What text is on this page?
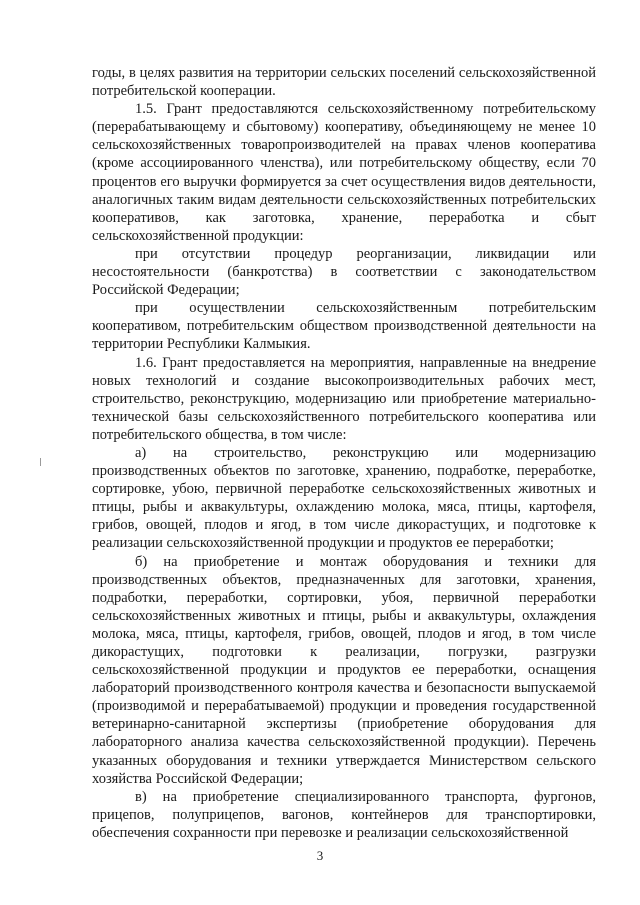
годы, в целях развития на территории сельских поселений сельскохозяйственной потребительской кооперации.

1.5. Грант предоставляются сельскохозяйственному потребительскому (перерабатывающему и сбытовому) кооперативу, объединяющему не менее 10 сельскохозяйственных товаропроизводителей на правах членов кооператива (кроме ассоциированного членства), или потребительскому обществу, если 70 процентов его выручки формируется за счет осуществления видов деятельности, аналогичных таким видам деятельности сельскохозяйственных потребительских кооперативов, как заготовка, хранение, переработка и сбыт сельскохозяйственной продукции:

при отсутствии процедур реорганизации, ликвидации или несостоятельности (банкротства) в соответствии с законодательством Российской Федерации;

при осуществлении сельскохозяйственным потребительским кооперативом, потребительским обществом производственной деятельности на территории Республики Калмыкия.

1.6. Грант предоставляется на мероприятия, направленные на внедрение новых технологий и создание высокопроизводительных рабочих мест, строительство, реконструкцию, модернизацию или приобретение материально-технической базы сельскохозяйственного потребительского кооператива или потребительского общества, в том числе:

а) на строительство, реконструкцию или модернизацию производственных объектов по заготовке, хранению, подработке, переработке, сортировке, убою, первичной переработке сельскохозяйственных животных и птицы, рыбы и аквакультуры, охлаждению молока, мяса, птицы, картофеля, грибов, овощей, плодов и ягод, в том числе дикорастущих, и подготовке к реализации сельскохозяйственной продукции и продуктов ее переработки;

б) на приобретение и монтаж оборудования и техники для производственных объектов, предназначенных для заготовки, хранения, подработки, переработки, сортировки, убоя, первичной переработки сельскохозяйственных животных и птицы, рыбы и аквакультуры, охлаждения молока, мяса, птицы, картофеля, грибов, овощей, плодов и ягод, в том числе дикорастущих, подготовки к реализации, погрузки, разгрузки сельскохозяйственной продукции и продуктов ее переработки, оснащения лабораторий производственного контроля качества и безопасности выпускаемой (производимой и перерабатываемой) продукции и проведения государственной ветеринарно-санитарной экспертизы (приобретение оборудования для лабораторного анализа качества сельскохозяйственной продукции). Перечень указанных оборудования и техники утверждается Министерством сельского хозяйства Российской Федерации;

в) на приобретение специализированного транспорта, фургонов, прицепов, полуприцепов, вагонов, контейнеров для транспортировки, обеспечения сохранности при перевозке и реализации сельскохозяйственной

3
